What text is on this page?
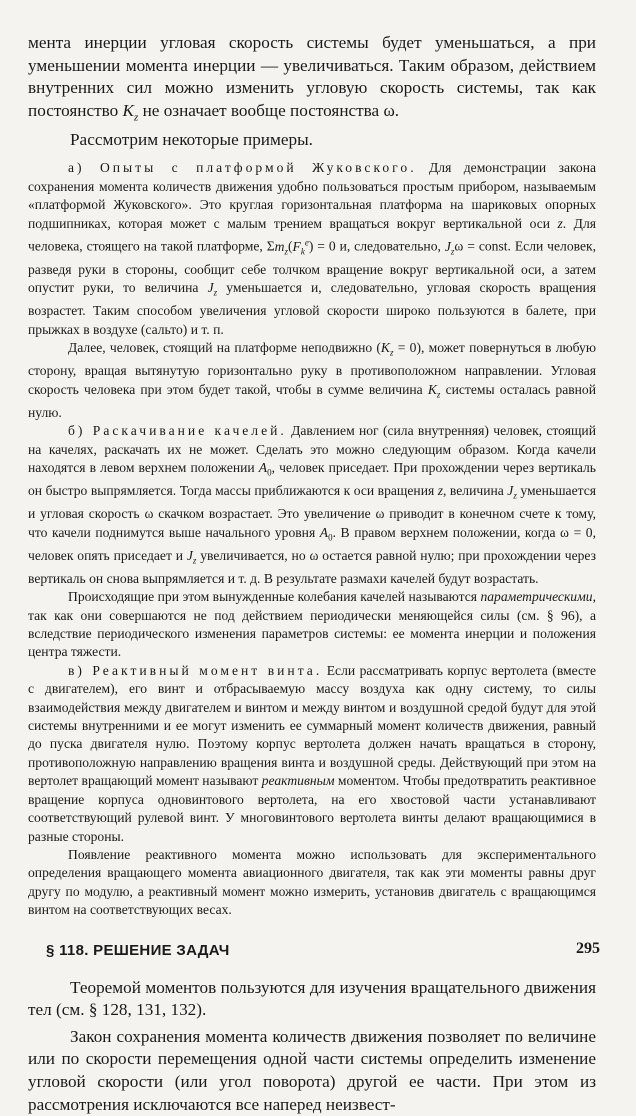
мента инерции угловая скорость системы будет уменьшаться, а при уменьшении момента инерции — увеличиваться. Таким образом, действием внутренних сил можно изменить угловую скорость системы, так как постоянство $K_z$ не означает вообще постоянства ω.

Рассмотрим некоторые примеры.

а) Опыты с платформой Жуковского. Для демонстрации закона сохранения момента количеств движения удобно пользоваться простым прибором, называемым «платформой Жуковского». Это круглая горизонтальная платформа на шариковых опорных подшипниках, которая может с малым трением вращаться вокруг вертикальной оси z. Для человека, стоящего на такой платформе, $\Sigma m_z(F_k^e) = 0$ и, следовательно, $J_z\omega$ = const. Если человек, разведя руки в стороны, сообщит себе толчком вращение вокруг вертикальной оси, а затем опустит руки, то величина $J_z$ уменьшается и, следовательно, угловая скорость вращения возрастет. Таким способом увеличения угловой скорости широко пользуются в балете, при прыжках в воздухе (сальто) и т. п.

Далее, человек, стоящий на платформе неподвижно $(K_z = 0)$, может повернуться в любую сторону, вращая вытянутую горизонтально руку в противоположном направлении. Угловая скорость человека при этом будет такой, чтобы в сумме величина $K_z$ системы осталась равной нулю.

б) Раскачивание качелей. Давлением ног (сила внутренняя) человек, стоящий на качелях, раскачать их не может. Сделать это можно следующим образом. Когда качели находятся в левом верхнем положении $A_0$, человек приседает. При прохождении через вертикаль он быстро выпрямляется. Тогда массы приближаются к оси вращения z, величина $J_z$ уменьшается и угловая скорость ω скачком возрастает. Это увеличение ω приводит в конечном счете к тому, что качели поднимутся выше начального уровня $A_0$. В правом верхнем положении, когда ω = 0, человек опять приседает и $J_z$ увеличивается, но ω остается равной нулю; при прохождении через вертикаль он снова выпрямляется и т. д. В результате размахи качелей будут возрастать.

Происходящие при этом вынужденные колебания качелей называются параметрическими, так как они совершаются не под действием периодически меняющейся силы (см. § 96), а вследствие периодического изменения параметров системы: ее момента инерции и положения центра тяжести.

в) Реактивный момент винта. Если рассматривать корпус вертолета (вместе с двигателем), его винт и отбрасываемую массу воздуха как одну систему, то силы взаимодействия между двигателем и винтом и между винтом и воздушной средой будут для этой системы внутренними и ее могут изменить ее суммарный момент количеств движения, равный до пуска двигателя нулю. Поэтому корпус вертолета должен начать вращаться в сторону, противоположную направлению вращения винта и воздушной среды. Действующий при этом на вертолет вращающий момент называют реактивным моментом. Чтобы предотвратить реактивное вращение корпуса одновинтового вертолета, на его хвостовой части устанавливают соответствующий рулевой винт. У многовинтового вертолета винты делают вращающимися в разные стороны.

Появление реактивного момента можно использовать для экспериментального определения вращающего момента авиационного двигателя, так как эти моменты равны друг другу по модулю, а реактивный момент можно измерить, установив двигатель с вращающимся винтом на соответствующих весах.

§ 118. РЕШЕНИЕ ЗАДАЧ

Теоремой моментов пользуются для изучения вращательного движения тел (см. § 128, 131, 132).

Закон сохранения момента количеств движения позволяет по величине или по скорости перемещения одной части системы определить изменение угловой скорости (или угол поворота) другой ее части. При этом из рассмотрения исключаются все наперед неизвест-

295
